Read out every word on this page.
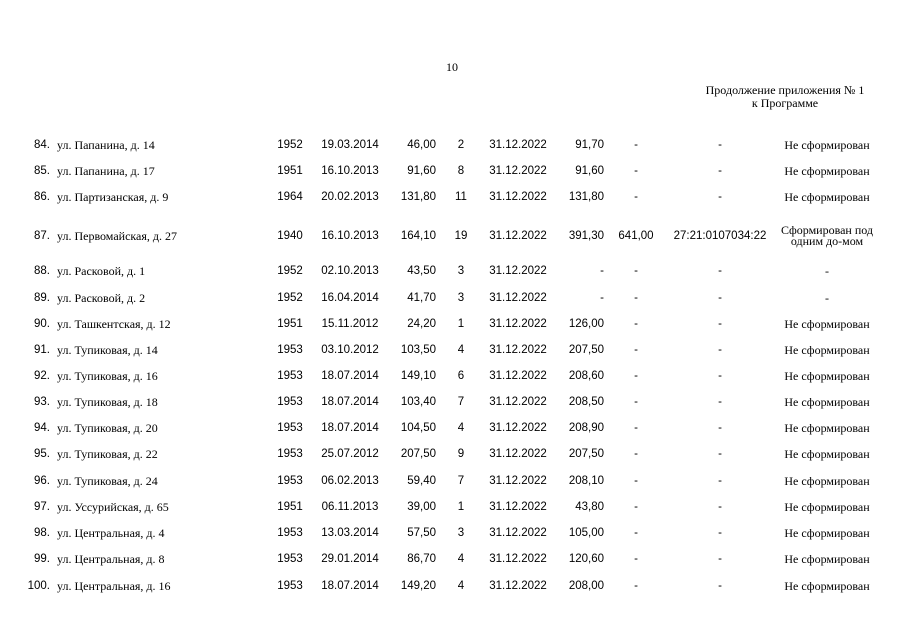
10
Продолжение приложения № 1
к Программе
84. ул. Папанина, д. 14	1952	19.03.2014	46,00	2	31.12.2022	91,70	-	-	Не сформирован
85. ул. Папанина, д. 17	1951	16.10.2013	91,60	8	31.12.2022	91,60	-	-	Не сформирован
86. ул. Партизанская, д. 9	1964	20.02.2013	131,80	11	31.12.2022	131,80	-	-	Не сформирован
87. ул. Первомайская, д. 27	1940	16.10.2013	164,10	19	31.12.2022	391,30	641,00	27:21:0107034:22	Сформирован под одним до-мом
88. ул. Расковой, д. 1	1952	02.10.2013	43,50	3	31.12.2022	-	-	-	-
89. ул. Расковой, д. 2	1952	16.04.2014	41,70	3	31.12.2022	-	-	-	-
90. ул. Ташкентская, д. 12	1951	15.11.2012	24,20	1	31.12.2022	126,00	-	-	Не сформирован
91. ул. Тупиковая, д. 14	1953	03.10.2012	103,50	4	31.12.2022	207,50	-	-	Не сформирован
92. ул. Тупиковая, д. 16	1953	18.07.2014	149,10	6	31.12.2022	208,60	-	-	Не сформирован
93. ул. Тупиковая, д. 18	1953	18.07.2014	103,40	7	31.12.2022	208,50	-	-	Не сформирован
94. ул. Тупиковая, д. 20	1953	18.07.2014	104,50	4	31.12.2022	208,90	-	-	Не сформирован
95. ул. Тупиковая, д. 22	1953	25.07.2012	207,50	9	31.12.2022	207,50	-	-	Не сформирован
96. ул. Тупиковая, д. 24	1953	06.02.2013	59,40	7	31.12.2022	208,10	-	-	Не сформирован
97. ул. Уссурийская, д. 65	1951	06.11.2013	39,00	1	31.12.2022	43,80	-	-	Не сформирован
98. ул. Центральная, д. 4	1953	13.03.2014	57,50	3	31.12.2022	105,00	-	-	Не сформирован
99. ул. Центральная, д. 8	1953	29.01.2014	86,70	4	31.12.2022	120,60	-	-	Не сформирован
100. ул. Центральная, д. 16	1953	18.07.2014	149,20	4	31.12.2022	208,00	-	-	Не сформирован
